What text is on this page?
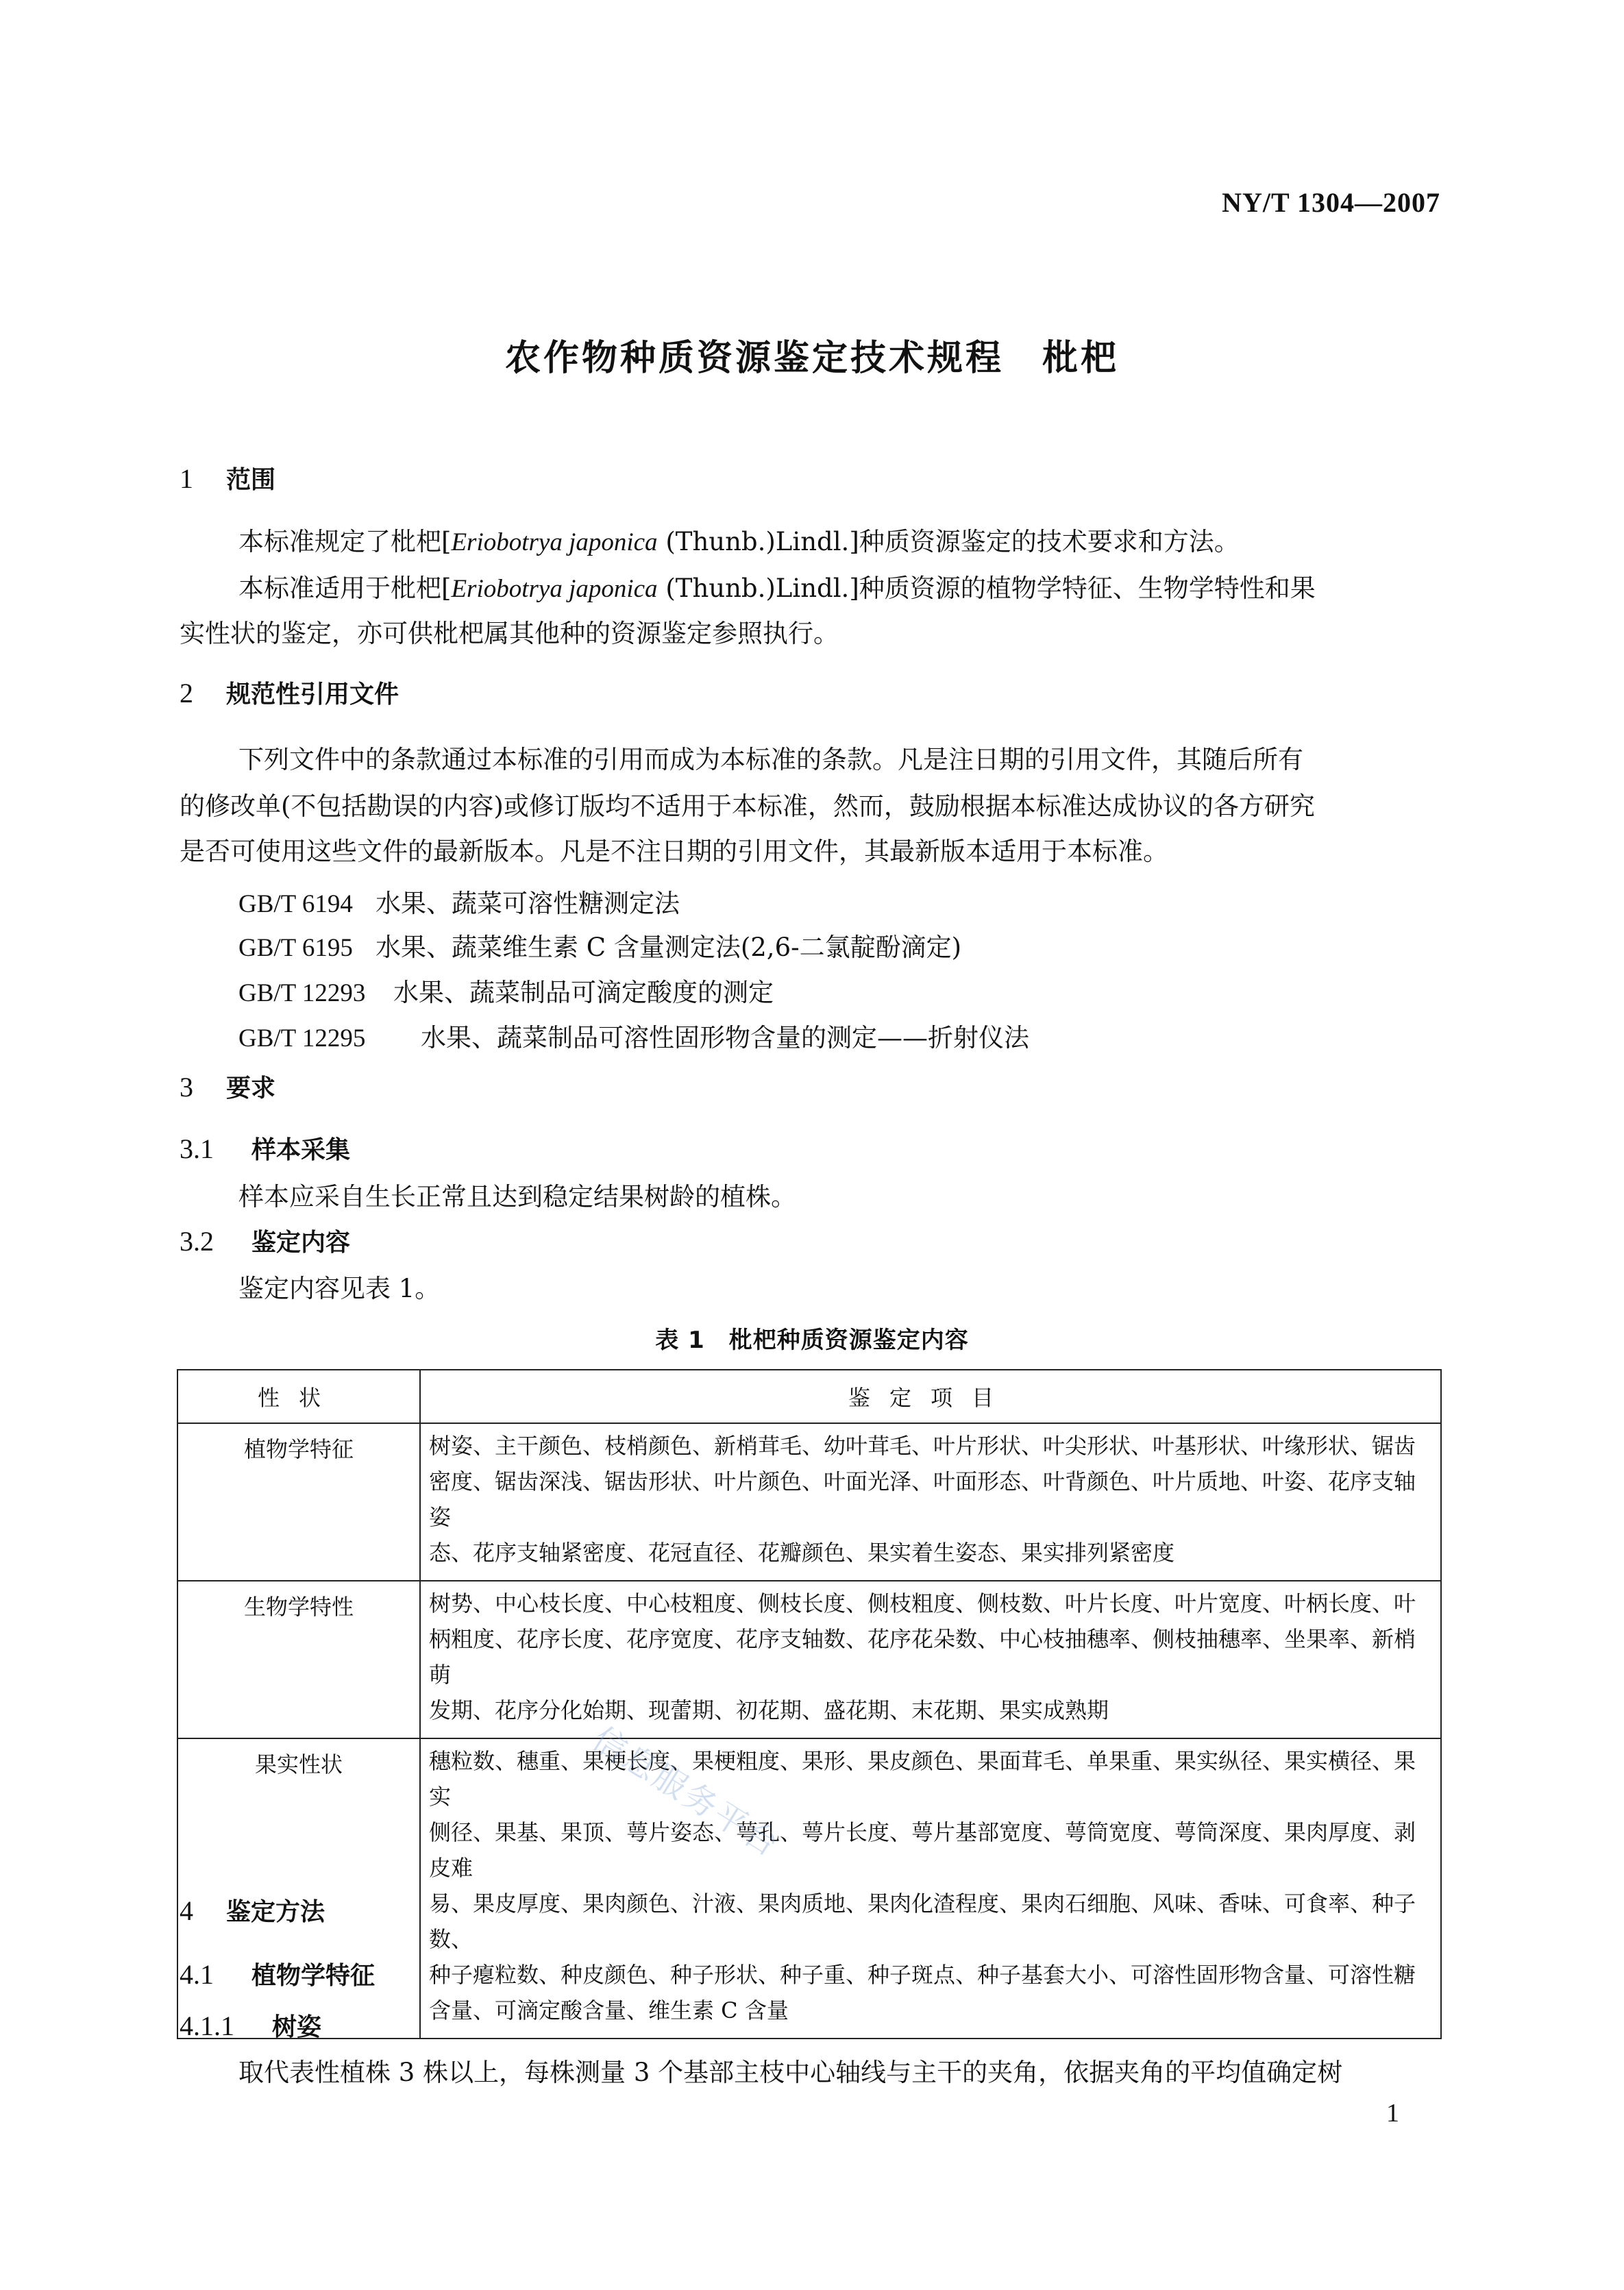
NY/T 1304—2007
农作物种质资源鉴定技术规程　枇杷
1 范围
本标准规定了枇杷[Eriobotrya japonica (Thunb.)Lindl.]种质资源鉴定的技术要求和方法。
本标准适用于枇杷[Eriobotrya japonica (Thunb.)Lindl.]种质资源的植物学特征、生物学特性和果
实性状的鉴定，亦可供枇杷属其他种的资源鉴定参照执行。
2 规范性引用文件
下列文件中的条款通过本标准的引用而成为本标准的条款。凡是注日期的引用文件，其随后所有
的修改单(不包括勘误的内容)或修订版均不适用于本标准，然而，鼓励根据本标准达成协议的各方研究
是否可使用这些文件的最新版本。凡是不注日期的引用文件，其最新版本适用于本标准。
GB/T 6194 水果、蔬菜可溶性糖测定法
GB/T 6195 水果、蔬菜维生素 C 含量测定法(2,6-二氯靛酚滴定)
GB/T 12293 水果、蔬菜制品可滴定酸度的测定
GB/T 12295 水果、蔬菜制品可溶性固形物含量的测定——折射仪法
3 要求
3.1 样本采集
样本应采自生长正常且达到稳定结果树龄的植株。
3.2 鉴定内容
鉴定内容见表 1。
表 1　枇杷种质资源鉴定内容
性状	鉴定项目
植物学特征	树姿、主干颜色、枝梢颜色、新梢茸毛、幼叶茸毛、叶片形状、叶尖形状、叶基形状、叶缘形状、锯齿
密度、锯齿深浅、锯齿形状、叶片颜色、叶面光泽、叶面形态、叶背颜色、叶片质地、叶姿、花序支轴姿
态、花序支轴紧密度、花冠直径、花瓣颜色、果实着生姿态、果实排列紧密度

生物学特性	树势、中心枝长度、中心枝粗度、侧枝长度、侧枝粗度、侧枝数、叶片长度、叶片宽度、叶柄长度、叶
柄粗度、花序长度、花序宽度、花序支轴数、花序花朵数、中心枝抽穗率、侧枝抽穗率、坐果率、新梢萌
发期、花序分化始期、现蕾期、初花期、盛花期、末花期、果实成熟期

果实性状	穗粒数、穗重、果梗长度、果梗粗度、果形、果皮颜色、果面茸毛、单果重、果实纵径、果实横径、果实
侧径、果基、果顶、萼片姿态、萼孔、萼片长度、萼片基部宽度、萼筒宽度、萼筒深度、果肉厚度、剥皮难
易、果皮厚度、果肉颜色、汁液、果肉质地、果肉化渣程度、果肉石细胞、风味、香味、可食率、种子数、
种子瘪粒数、种皮颜色、种子形状、种子重、种子斑点、种子基套大小、可溶性固形物含量、可溶性糖
含量、可滴定酸含量、维生素 C 含量
信息服务平台
4 鉴定方法
4.1 植物学特征
4.1.1 树姿
取代表性植株 3 株以上，每株测量 3 个基部主枝中心轴线与主干的夹角，依据夹角的平均值确定树
1
